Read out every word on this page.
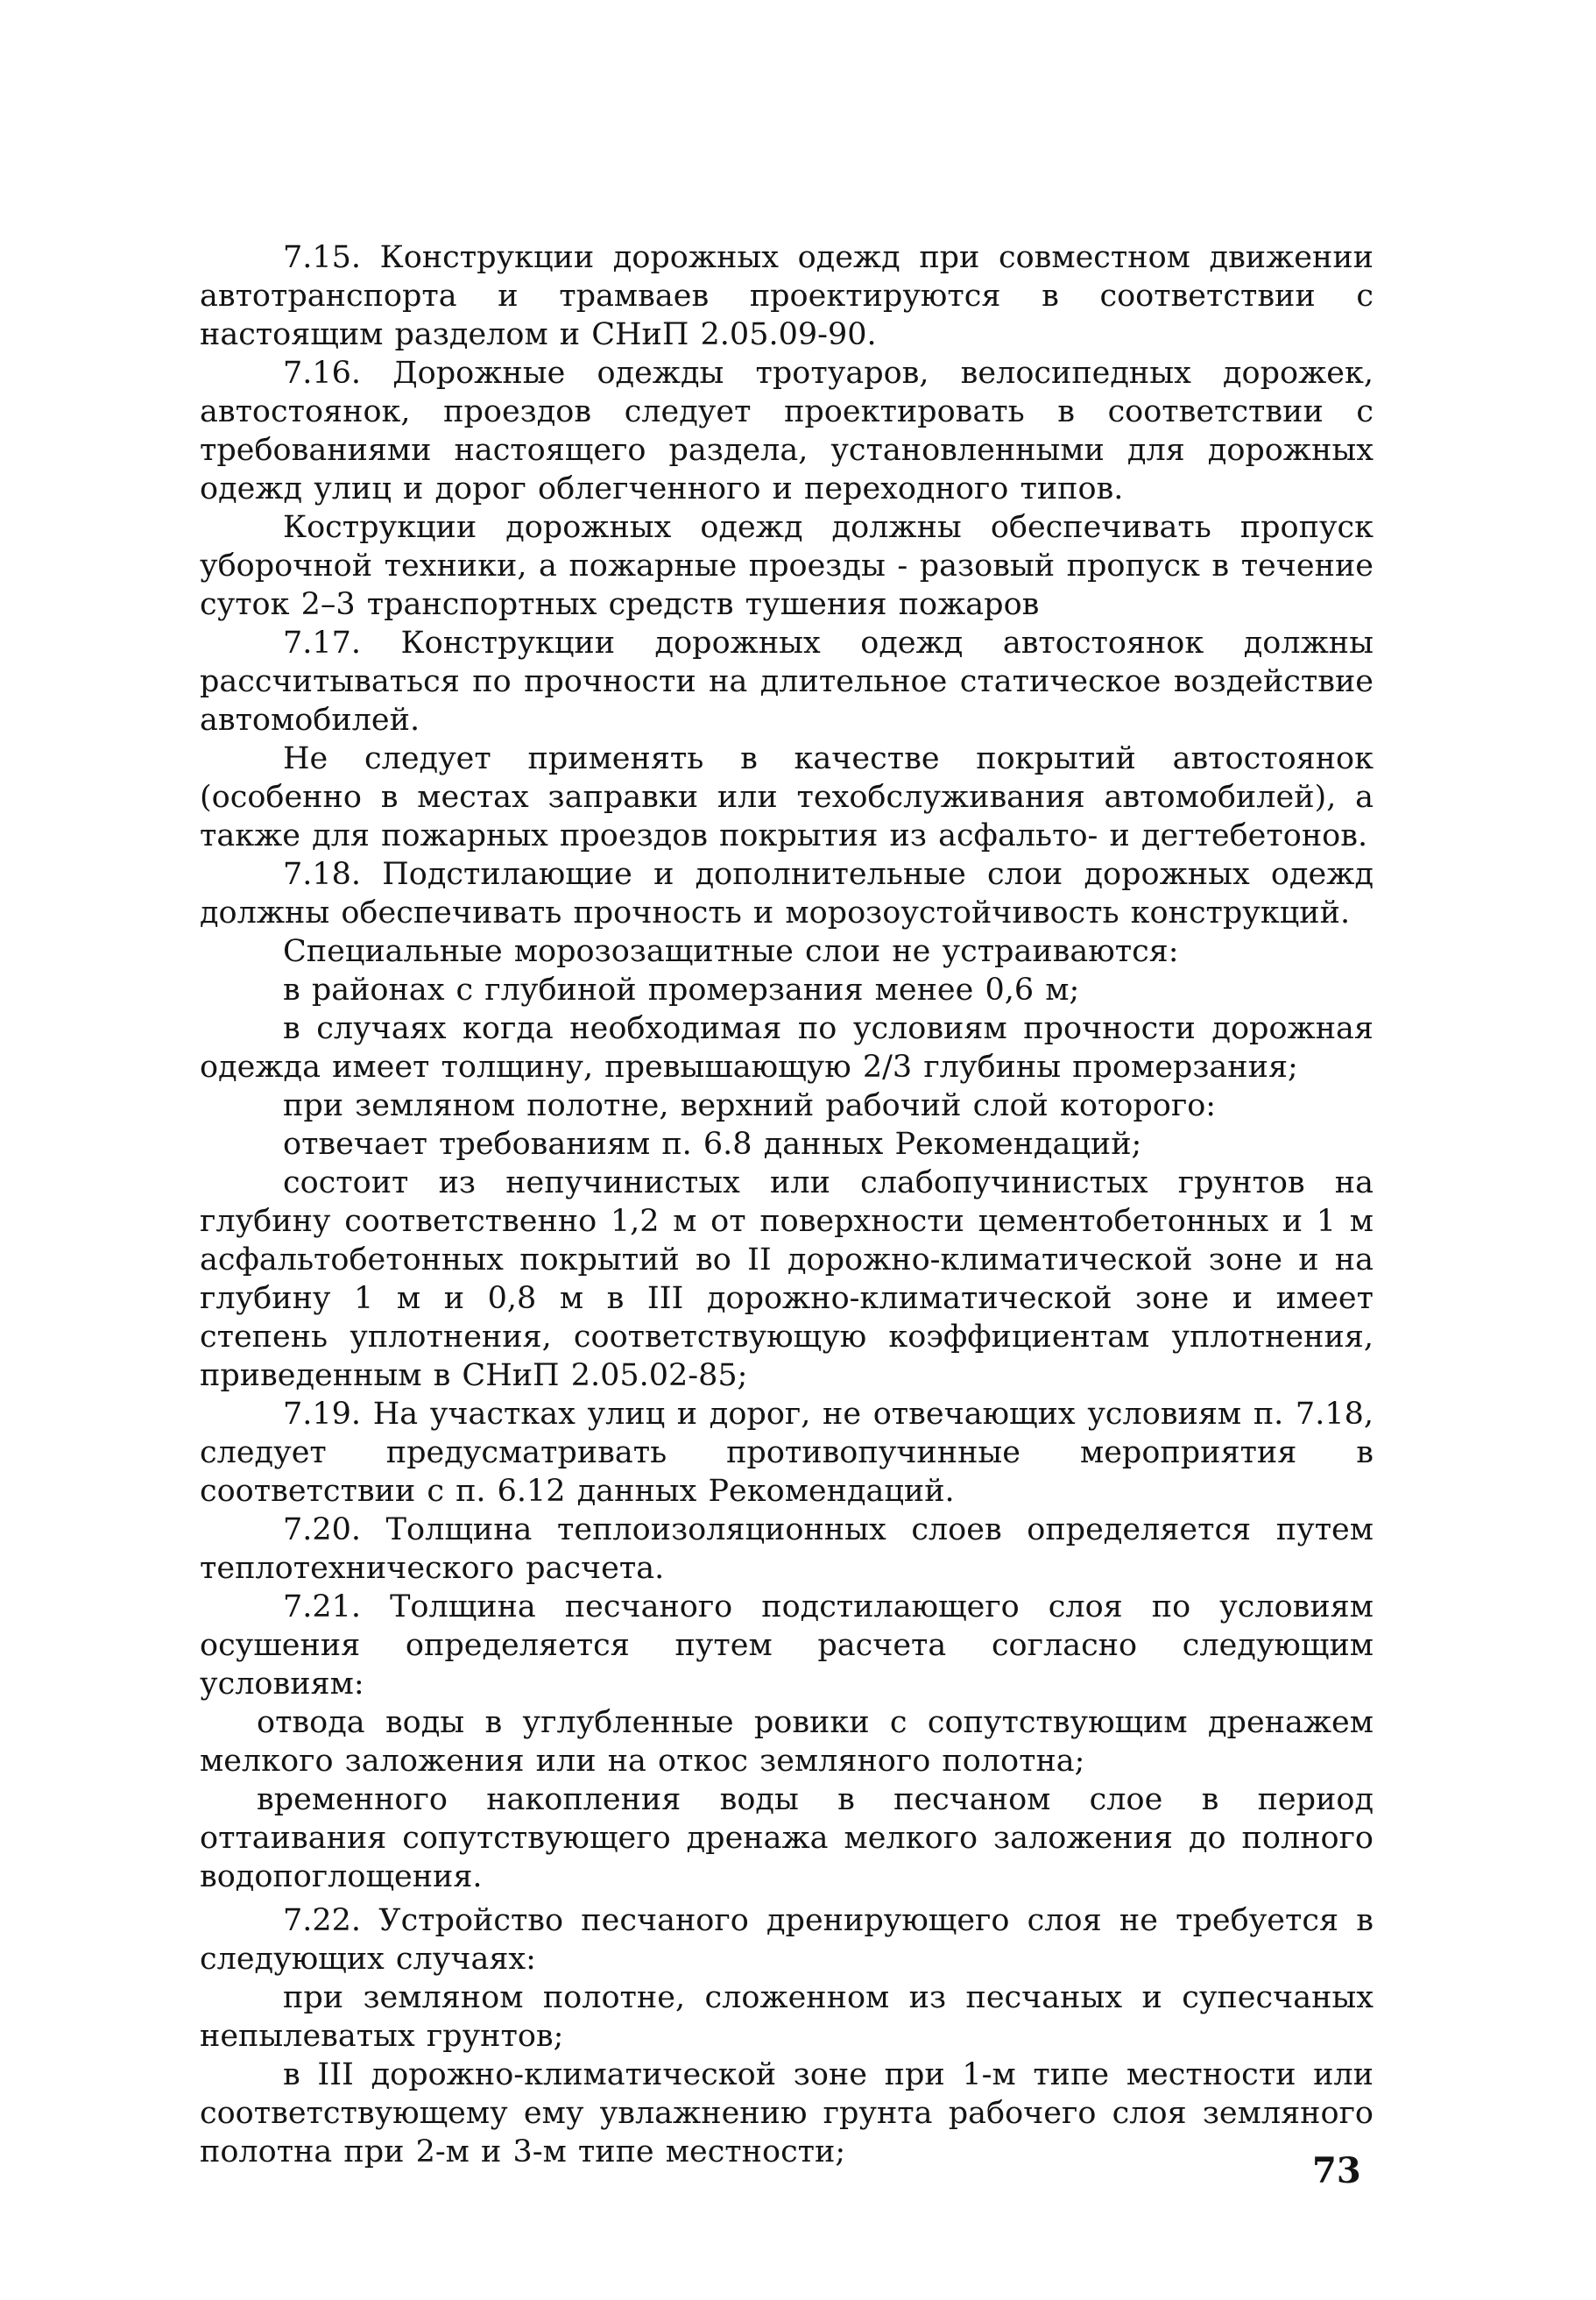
7.15. Конструкции дорожных одежд при совместном движении автотранспорта и трамваев проектируются в соответствии с настоящим разделом и СНиП 2.05.09-90.

7.16. Дорожные одежды тротуаров, велосипедных дорожек, автостоянок, проездов следует проектировать в соответствии с требованиями настоящего раздела, установленными для дорожных одежд улиц и дорог облегченного и переходного типов.

Кострукции дорожных одежд должны обеспечивать пропуск уборочной техники, а пожарные проезды - разовый пропуск в течение суток 2–3 транспортных средств тушения пожаров

7.17. Конструкции дорожных одежд автостоянок должны рассчитываться по прочности на длительное статическое воздействие автомобилей.

Не следует применять в качестве покрытий автостоянок (особенно в местах заправки или техобслуживания автомобилей), а также для пожарных проездов покрытия из асфальто- и дегтебетонов.

7.18. Подстилающие и дополнительные слои дорожных одежд должны обеспечивать прочность и морозоустойчивость конструкций.

Специальные морозозащитные слои не устраиваются:

в районах с глубиной промерзания менее 0,6 м;

в случаях когда необходимая по условиям прочности дорожная одежда имеет толщину, превышающую 2/3 глубины промерзания;

при земляном полотне, верхний рабочий слой которого:

отвечает требованиям п. 6.8 данных Рекомендаций;

состоит из непучинистых или слабопучинистых грунтов на глубину соответственно 1,2 м от поверхности цементобетонных и 1 м асфальтобетонных покрытий во II дорожно-климатической зоне и на глубину 1 м и 0,8 м в III дорожно-климатической зоне и имеет степень уплотнения, соответствующую коэффициентам уплотнения, приведенным в СНиП 2.05.02-85;

7.19. На участках улиц и дорог, не отвечающих условиям п. 7.18, следует предусматривать противопучинные мероприятия в соответствии с п. 6.12 данных Рекомендаций.

7.20. Толщина теплоизоляционных слоев определяется путем теплотехнического расчета.

7.21. Толщина песчаного подстилающего слоя по условиям осушения определяется путем расчета согласно следующим условиям:

отвода воды в углубленные ровики с сопутствующим дренажем мелкого заложения или на откос земляного полотна;

временного накопления воды в песчаном слое в период оттаивания сопутствующего дренажа мелкого заложения до полного водопоглощения.

7.22. Устройство песчаного дренирующего слоя не требуется в следующих случаях:

при земляном полотне, сложенном из песчаных и супесчаных непылеватых грунтов;

в III дорожно-климатической зоне при 1-м типе местности или соответствующему ему увлажнению грунта рабочего слоя земляного полотна при 2-м и 3-м типе местности;	73
